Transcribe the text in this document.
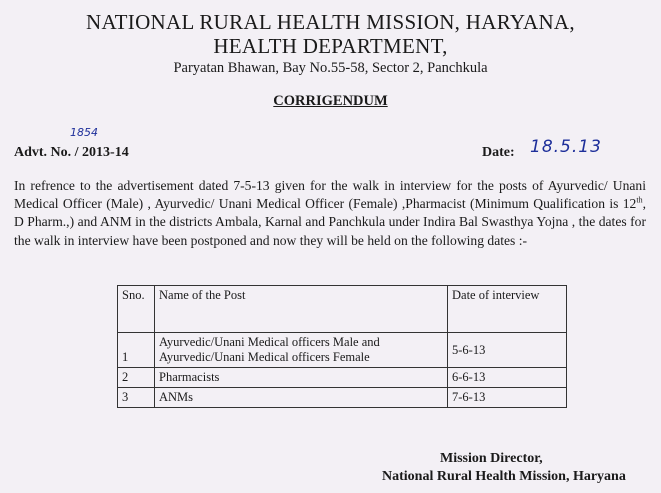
NATIONAL RURAL HEALTH MISSION, HARYANA,
HEALTH DEPARTMENT,
Paryatan Bhawan, Bay No.55-58, Sector 2, Panchkula
CORRIGENDUM
1854
Advt. No. / 2013-14	Date: 18.5.13
In refrence to the advertisement dated 7-5-13 given for the walk in interview for the posts of Ayurvedic/ Unani Medical Officer (Male) , Ayurvedic/ Unani Medical Officer (Female) ,Pharmacist (Minimum Qualification is 12th, D Pharm.,) and ANM in the districts Ambala, Karnal and Panchkula under Indira Bal Swasthya Yojna , the dates for the walk in interview have been postponed and now they will be held on the following dates :-
Sno.	Name of the Post	Date of interview
1	Ayurvedic/Unani Medical officers Male and
Ayurvedic/Unani Medical officers Female	5-6-13
2	Pharmacists	6-6-13
3	ANMs	7-6-13
Mission Director,
National Rural Health Mission, Haryana
